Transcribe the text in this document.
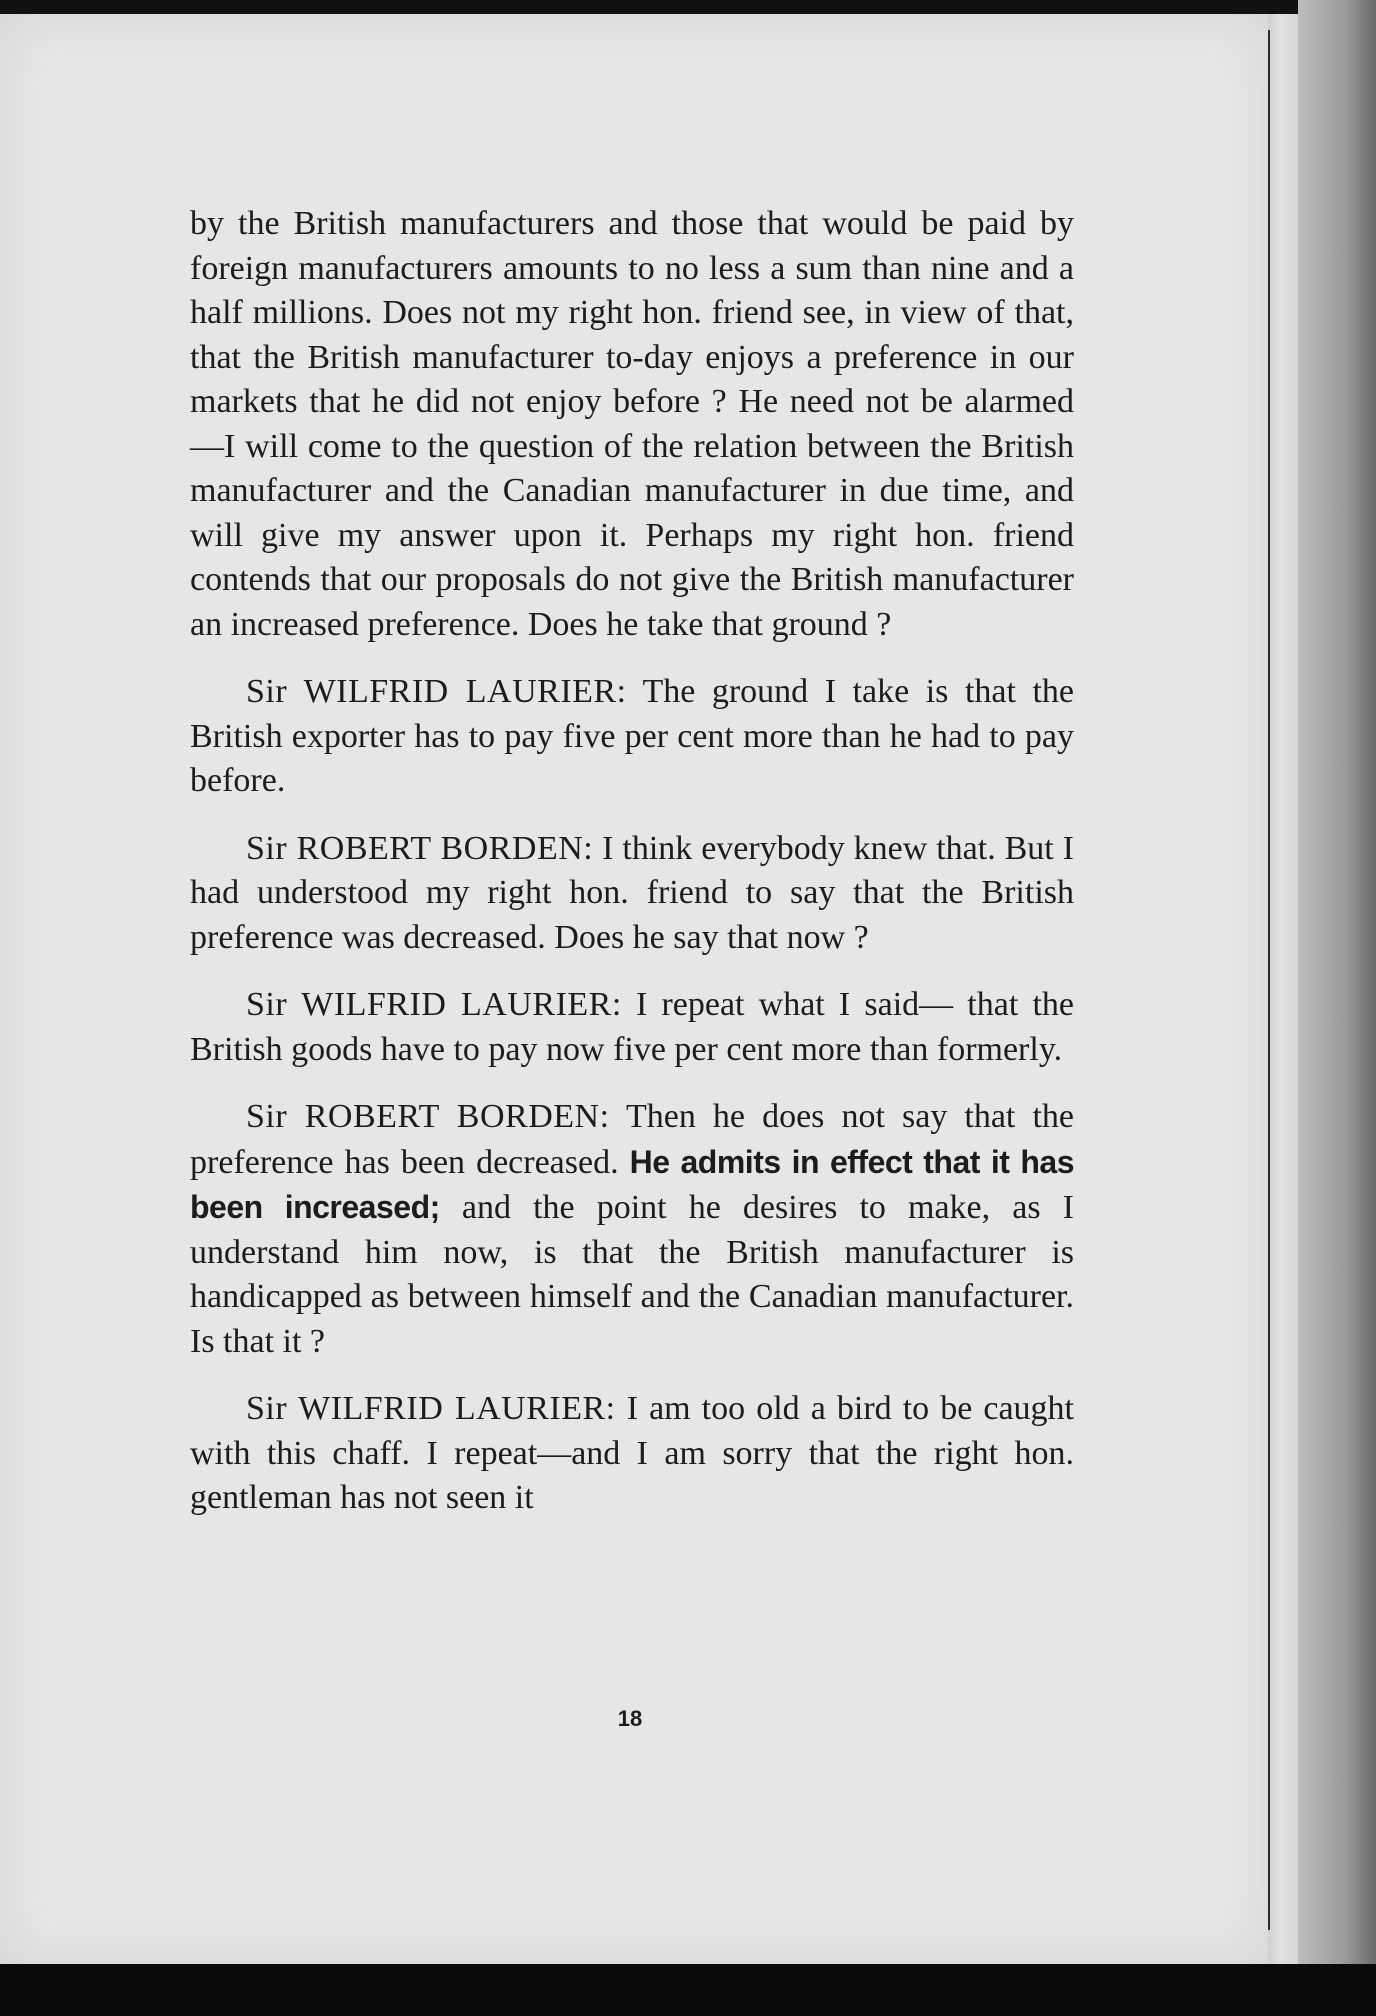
by the British manufacturers and those that would be paid by foreign manufacturers amounts to no less a sum than nine and a half millions. Does not my right hon. friend see, in view of that, that the British manufacturer to-day enjoys a preference in our markets that he did not enjoy before ? He need not be alarmed —I will come to the question of the relation between the British manufacturer and the Canadian manufacturer in due time, and will give my answer upon it. Perhaps my right hon. friend contends that our proposals do not give the British manufacturer an increased preference. Does he take that ground ?

Sir WILFRID LAURIER: The ground I take is that the British exporter has to pay five per cent more than he had to pay before.

Sir ROBERT BORDEN: I think everybody knew that. But I had understood my right hon. friend to say that the British preference was decreased. Does he say that now ?

Sir WILFRID LAURIER: I repeat what I said— that the British goods have to pay now five per cent more than formerly.

Sir ROBERT BORDEN: Then he does not say that the preference has been decreased. He admits in effect that it has been increased; and the point he desires to make, as I understand him now, is that the British manufacturer is handicapped as between himself and the Canadian manufacturer. Is that it ?

Sir WILFRID LAURIER: I am too old a bird to be caught with this chaff. I repeat—and I am sorry that the right hon. gentleman has not seen it

18
